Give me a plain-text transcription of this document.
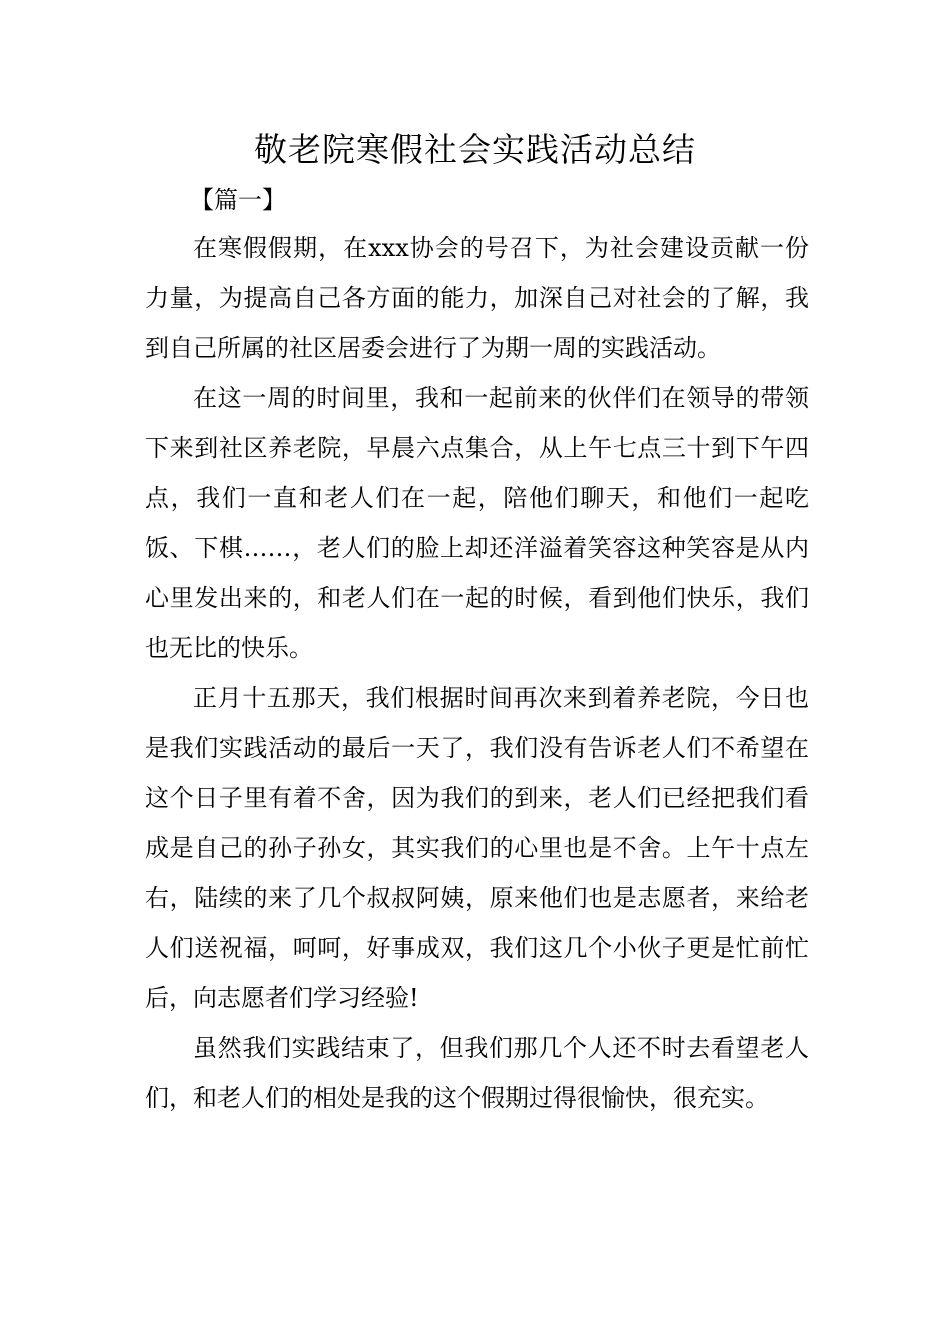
敬老院寒假社会实践活动总结
【篇一】

在寒假假期，在xxx协会的号召下，为社会建设贡献一份力量，为提高自己各方面的能力，加深自己对社会的了解，我到自己所属的社区居委会进行了为期一周的实践活动。

在这一周的时间里，我和一起前来的伙伴们在领导的带领下来到社区养老院，早晨六点集合，从上午七点三十到下午四点，我们一直和老人们在一起，陪他们聊天，和他们一起吃饭、下棋……，老人们的脸上却还洋溢着笑容这种笑容是从内心里发出来的，和老人们在一起的时候，看到他们快乐，我们也无比的快乐。

正月十五那天，我们根据时间再次来到着养老院，今日也是我们实践活动的最后一天了，我们没有告诉老人们不希望在这个日子里有着不舍，因为我们的到来，老人们已经把我们看成是自己的孙子孙女，其实我们的心里也是不舍。上午十点左右，陆续的来了几个叔叔阿姨，原来他们也是志愿者，来给老人们送祝福，呵呵，好事成双，我们这几个小伙子更是忙前忙后，向志愿者们学习经验!

虽然我们实践结束了，但我们那几个人还不时去看望老人们，和老人们的相处是我的这个假期过得很愉快，很充实。
